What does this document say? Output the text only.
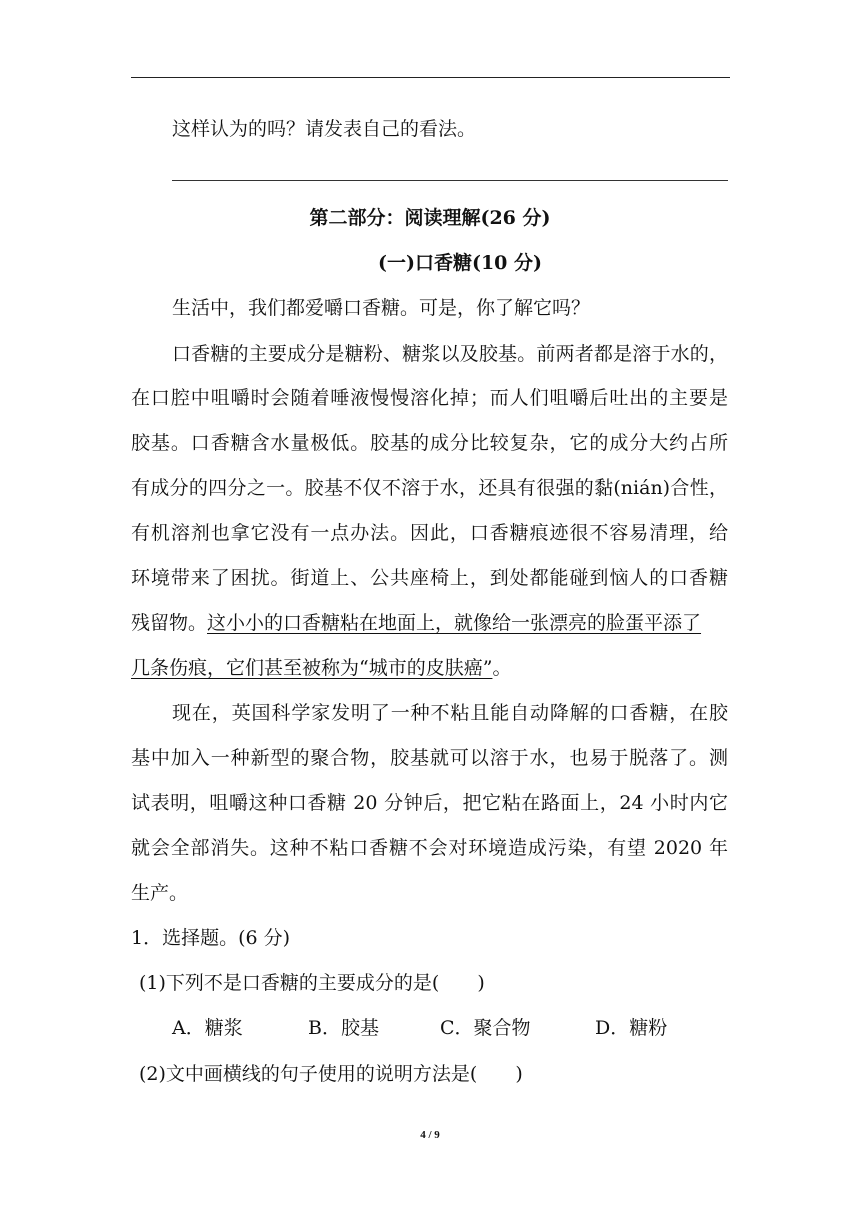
这样认为的吗？请发表自己的看法。
第二部分：阅读理解(26 分)
(一)口香糖(10 分)
生活中，我们都爱嚼口香糖。可是，你了解它吗？
口香糖的主要成分是糖粉、糖浆以及胶基。前两者都是溶于水的，
在口腔中咀嚼时会随着唾液慢慢溶化掉；而人们咀嚼后吐出的主要是
胶基。口香糖含水量极低。胶基的成分比较复杂，它的成分大约占所
有成分的四分之一。胶基不仅不溶于水，还具有很强的黏(nián)合性，
有机溶剂也拿它没有一点办法。因此，口香糖痕迹很不容易清理，给
环境带来了困扰。街道上、公共座椅上，到处都能碰到恼人的口香糖
残留物。这小小的口香糖粘在地面上，就像给一张漂亮的脸蛋平添了
几条伤痕，它们甚至被称为“城市的皮肤癌”。
现在，英国科学家发明了一种不粘且能自动降解的口香糖，在胶
基中加入一种新型的聚合物，胶基就可以溶于水，也易于脱落了。测
试表明，咀嚼这种口香糖 20 分钟后，把它粘在路面上，24 小时内它
就会全部消失。这种不粘口香糖不会对环境造成污染，有望 2020 年
生产。
1．选择题。(6 分)
(1)下列不是口香糖的主要成分的是(　　)
A．糖浆	B．胶基	C．聚合物	D．糖粉
(2)文中画横线的句子使用的说明方法是(　　)
4 / 9
